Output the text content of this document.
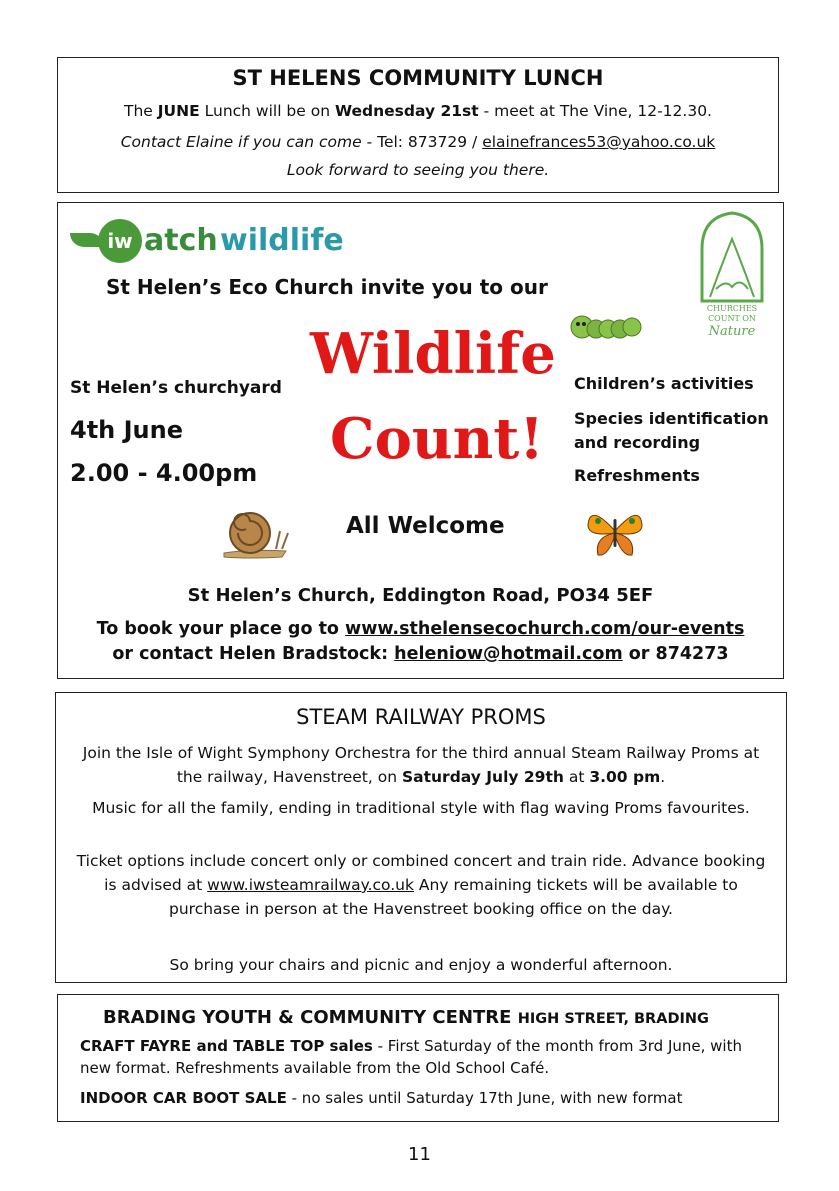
ST HELENS COMMUNITY LUNCH
The JUNE Lunch will be on Wednesday 21st - meet at The Vine, 12-12.30.
Contact Elaine if you can come - Tel: 873729 / elainefrances53@yahoo.co.uk
Look forward to seeing you there.
iw atch wildlife
St Helen’s Eco Church invite you to our
CHURCHES
COUNT ON
Nature
Wildlife
Count!
St Helen’s churchyard
4th June
2.00 - 4.00pm
Children’s activities
Species identification and recording
Refreshments
All Welcome
St Helen’s Church, Eddington Road, PO34 5EF
To book your place go to www.sthelensecochurch.com/our-events
or contact Helen Bradstock: heleniow@hotmail.com or 874273
STEAM RAILWAY PROMS

Join the Isle of Wight Symphony Orchestra for the third annual Steam Railway Proms at the railway, Havenstreet, on Saturday July 29th at 3.00 pm.

Music for all the family, ending in traditional style with flag waving Proms favourites.

Ticket options include concert only or combined concert and train ride. Advance booking is advised at www.iwsteamrailway.co.uk Any remaining tickets will be available to purchase in person at the Havenstreet booking office on the day.

So bring your chairs and picnic and enjoy a wonderful afternoon.

BRADING YOUTH & COMMUNITY CENTRE HIGH STREET, BRADING

CRAFT FAYRE and TABLE TOP sales - First Saturday of the month from 3rd June, with new format. Refreshments available from the Old School Café.

INDOOR CAR BOOT SALE - no sales until Saturday 17th June, with new format

11
